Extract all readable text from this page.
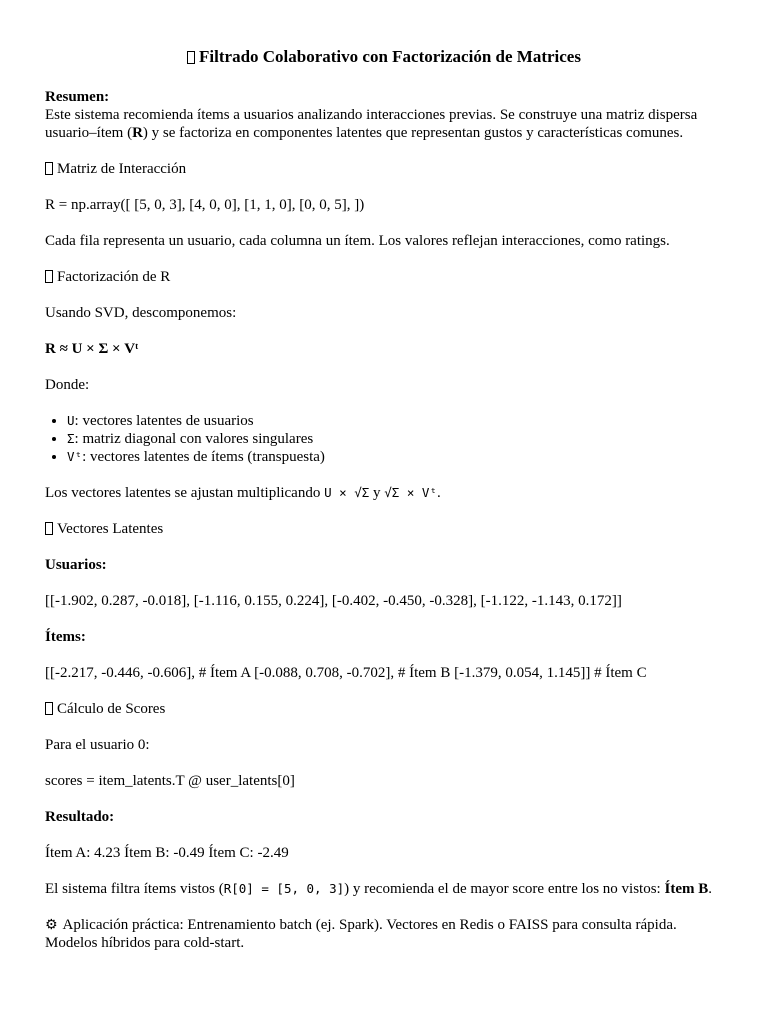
Filtrado Colaborativo con Factorización de Matrices

Resumen:
Este sistema recomienda ítems a usuarios analizando interacciones previas. Se construye una matriz dispersa usuario–ítem (R) y se factoriza en componentes latentes que representan gustos y características comunes.

Matriz de Interacción

R = np.array([ [5, 0, 3], [4, 0, 0], [1, 1, 0], [0, 0, 5], ])

Cada fila representa un usuario, cada columna un ítem. Los valores reflejan interacciones, como ratings.

Factorización de R

Usando SVD, descomponemos:

R ≈ U × Σ × Vᵗ

Donde:

• U: vectores latentes de usuarios
• Σ: matriz diagonal con valores singulares
• Vᵗ: vectores latentes de ítems (transpuesta)

Los vectores latentes se ajustan multiplicando U × √Σ y √Σ × Vᵗ.

Vectores Latentes

Usuarios:

[[-1.902, 0.287, -0.018], [-1.116, 0.155, 0.224], [-0.402, -0.450, -0.328], [-1.122, -1.143, 0.172]]

Ítems:

[[-2.217, -0.446, -0.606], # Ítem A [-0.088, 0.708, -0.702], # Ítem B [-1.379, 0.054, 1.145]] # Ítem C

Cálculo de Scores

Para el usuario 0:

scores = item_latents.T @ user_latents[0]

Resultado:

Ítem A: 4.23 Ítem B: -0.49 Ítem C: -2.49

El sistema filtra ítems vistos (R[0] = [5, 0, 3]) y recomienda el de mayor score entre los no vistos: Ítem B.

⚙ Aplicación práctica: Entrenamiento batch (ej. Spark). Vectores en Redis o FAISS para consulta rápida. Modelos híbridos para cold-start.
